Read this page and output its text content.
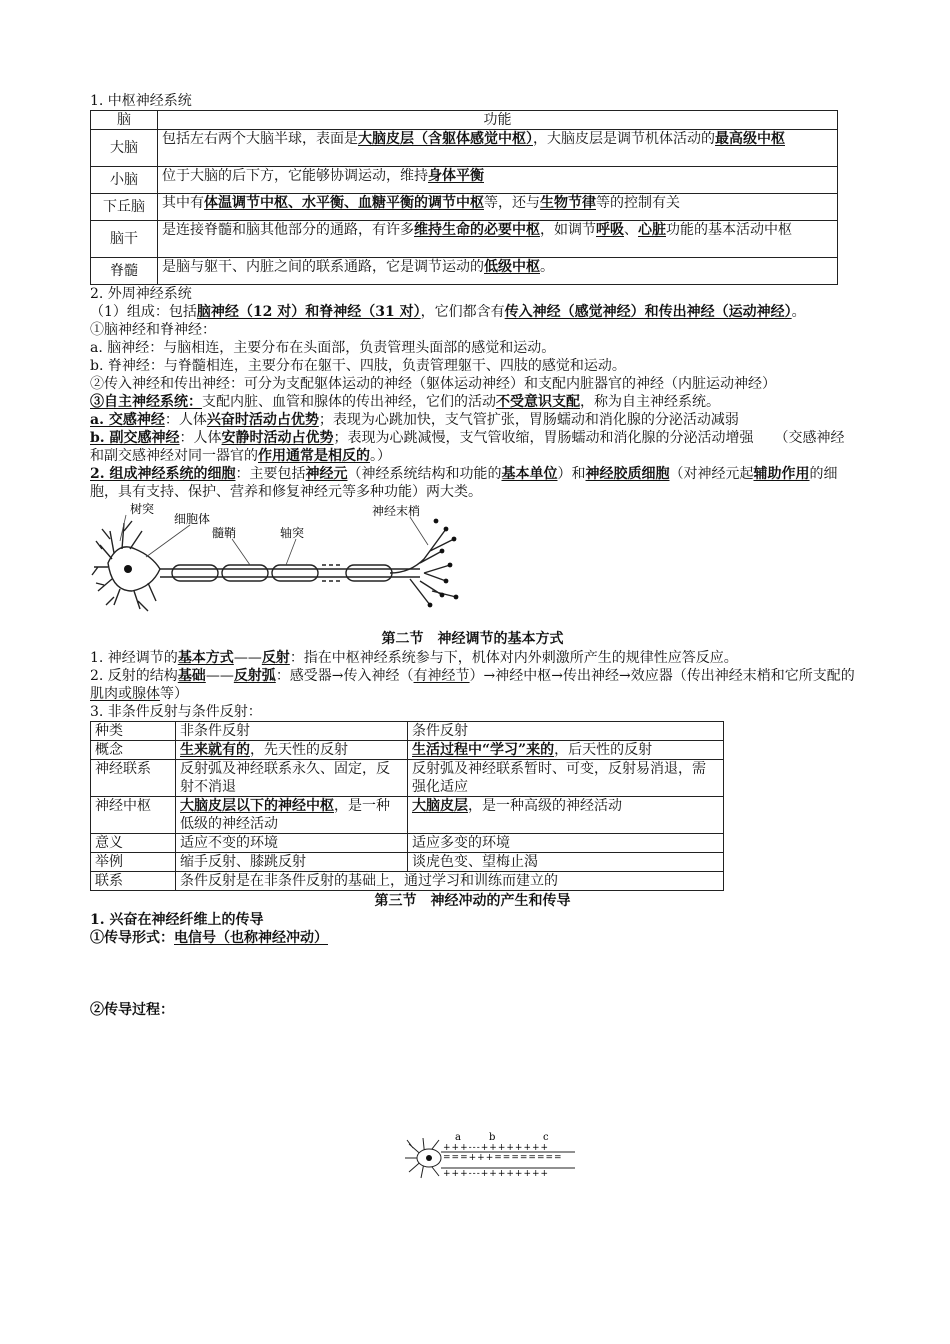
1. 中枢神经系统

脑	功能
大脑	包括左右两个大脑半球，表面是大脑皮层（含躯体感觉中枢），大脑皮层是调节机体活动的最高级中枢
小脑	位于大脑的后下方，它能够协调运动，维持身体平衡
下丘脑	其中有体温调节中枢、水平衡、血糖平衡的调节中枢等，还与生物节律等的控制有关
脑干	是连接脊髓和脑其他部分的通路，有许多维持生命的必要中枢，如调节呼吸、心脏功能的基本活动中枢
脊髓	是脑与躯干、内脏之间的联系通路，它是调节运动的低级中枢。

2. 外周神经系统

（1）组成：包括脑神经（12 对）和脊神经（31 对），它们都含有传入神经（感觉神经）和传出神经（运动神经）。

①脑神经和脊神经：

a. 脑神经：与脑相连，主要分布在头面部，负责管理头面部的感觉和运动。

b. 脊神经：与脊髓相连，主要分布在躯干、四肢，负责管理躯干、四肢的感觉和运动。

②传入神经和传出神经：可分为支配躯体运动的神经（躯体运动神经）和支配内脏器官的神经（内脏运动神经）

③自主神经系统：支配内脏、血管和腺体的传出神经，它们的活动不受意识支配，称为自主神经系统。

a. 交感神经：人体兴奋时活动占优势；表现为心跳加快，支气管扩张，胃肠蠕动和消化腺的分泌活动减弱

b. 副交感神经：人体安静时活动占优势；表现为心跳减慢，支气管收缩，胃肠蠕动和消化腺的分泌活动增强　　 （交感神经和副交感神经对同一器官的作用通常是相反的。）

2. 组成神经系统的细胞：主要包括神经元（神经系统结构和功能的基本单位）和神经胶质细胞（对神经元起辅助作用的细胞，具有支持、保护、营养和修复神经元等多种功能）两大类。

树突
细胞体
髓鞘	轴突
神经末梢

第二节　神经调节的基本方式

1. 神经调节的基本方式——反射：指在中枢神经系统参与下，机体对内外刺激所产生的规律性应答反应。

2. 反射的结构基础——反射弧：感受器→传入神经（有神经节）→神经中枢→传出神经→效应器（传出神经末梢和它所支配的肌肉或腺体等）

3. 非条件反射与条件反射：

种类	非条件反射	条件反射
概念	生来就有的，先天性的反射	生活过程中“学习”来的，后天性的反射
神经联系	反射弧及神经联系永久、固定，反射不消退	反射弧及神经联系暂时、可变，反射易消退，需强化适应
神经中枢	大脑皮层以下的神经中枢，是一种低级的神经活动	大脑皮层，是一种高级的神经活动
意义	适应不变的环境	适应多变的环境
举例	缩手反射、膝跳反射	谈虎色变、望梅止渴
联系	条件反射是在非条件反射的基础上，通过学习和训练而建立的	

第三节　神经冲动的产生和传导

1. 兴奋在神经纤维上的传导

①传导形式：电信号（也称神经冲动）

②传导过程：

+++---++++++++
===+++========
+++---++++++++
a	b	c
